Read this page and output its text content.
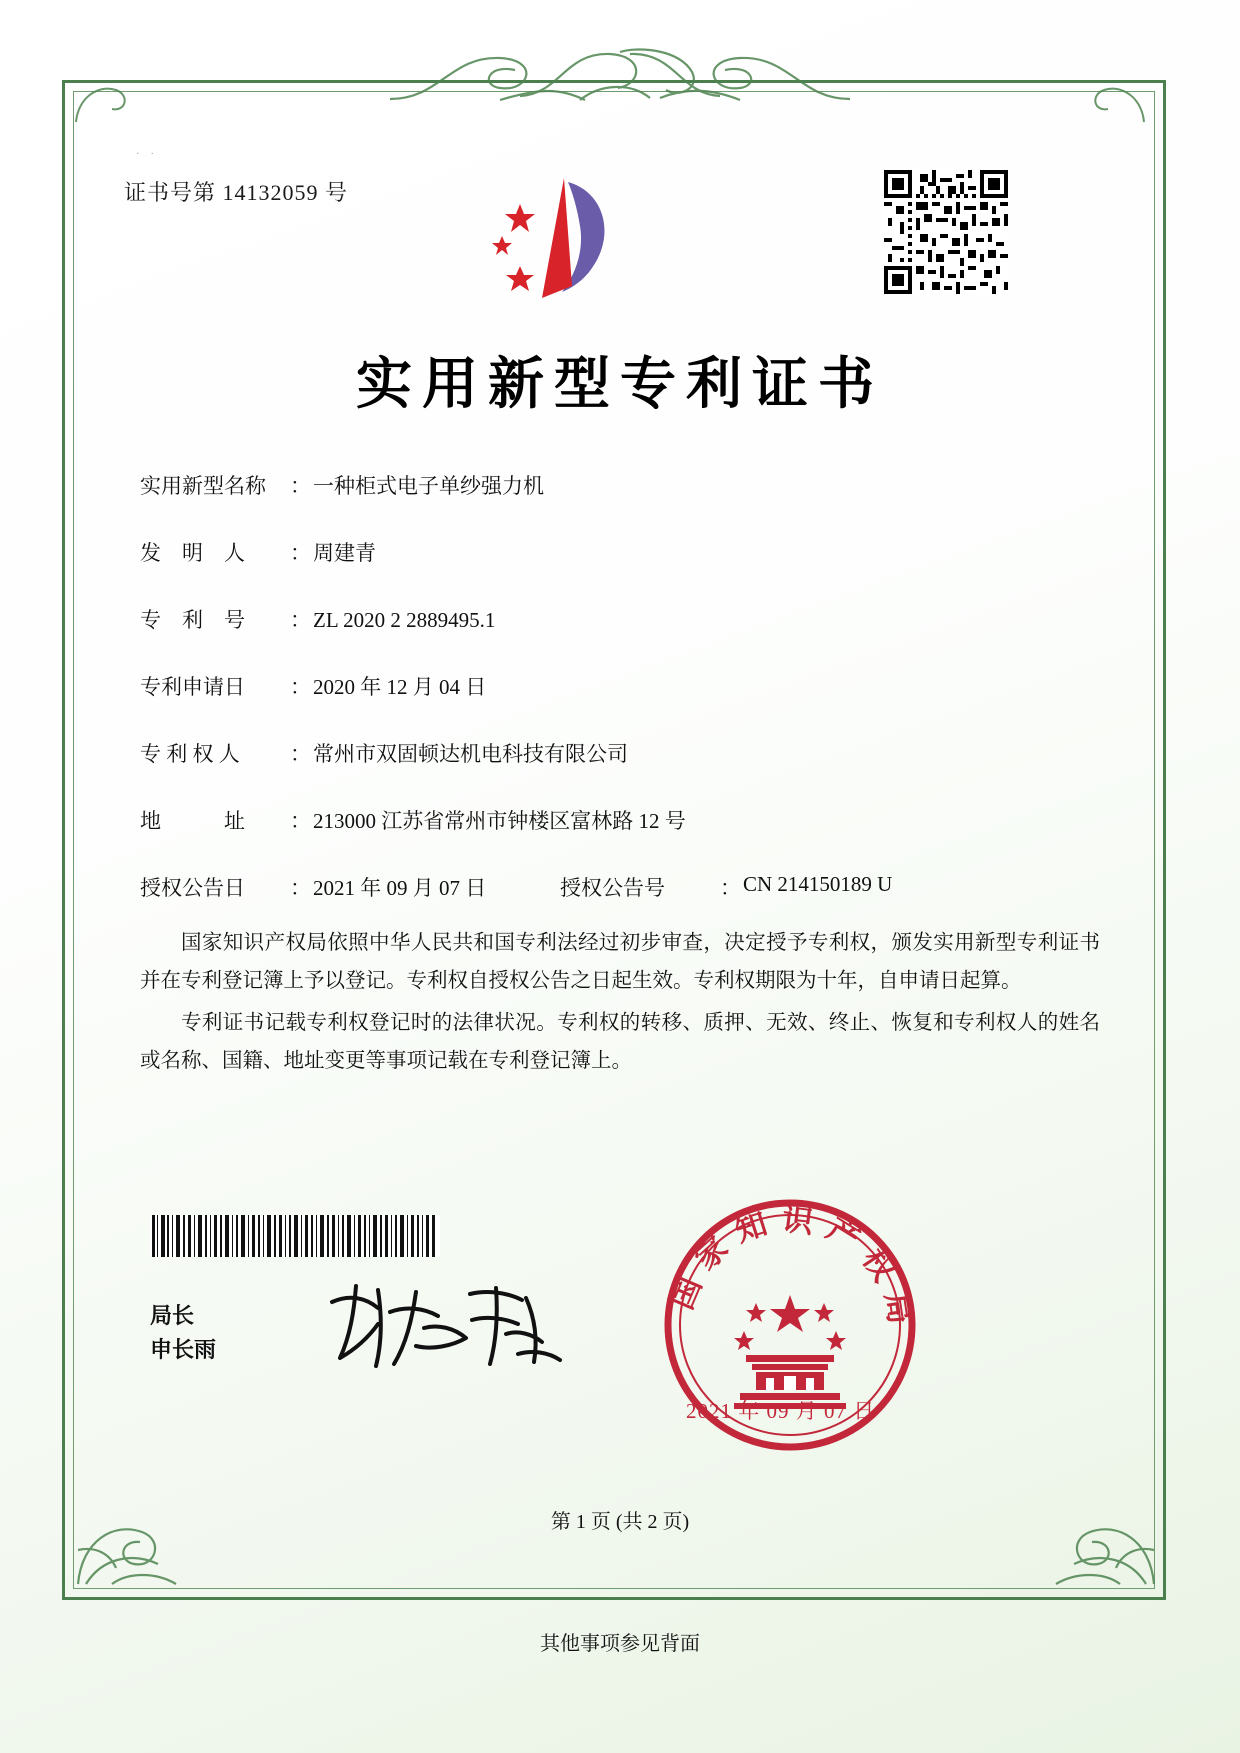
· ·
证书号第 14132059 号
实用新型专利证书
实用新型名称	： 一种柜式电子单纱强力机
发　明　人	： 周建青
专　利　号	： ZL 2020 2 2889495.1
专利申请日	： 2020 年 12 月 04 日
专 利 权 人	： 常州市双固顿达机电科技有限公司
地　　　址	： 213000 江苏省常州市钟楼区富林路 12 号
授权公告日	： 2021 年 09 月 07 日	授权公告号	： CN 214150189 U

国家知识产权局依照中华人民共和国专利法经过初步审查，决定授予专利权，颁发实用新型专利证书并在专利登记簿上予以登记。专利权自授权公告之日起生效。专利权期限为十年，自申请日起算。

专利证书记载专利权登记时的法律状况。专利权的转移、质押、无效、终止、恢复和专利权人的姓名或名称、国籍、地址变更等事项记载在专利登记簿上。

局长
申长雨
国家知识产权局
2021 年 09 月 07 日
第 1 页 (共 2 页)
其他事项参见背面
